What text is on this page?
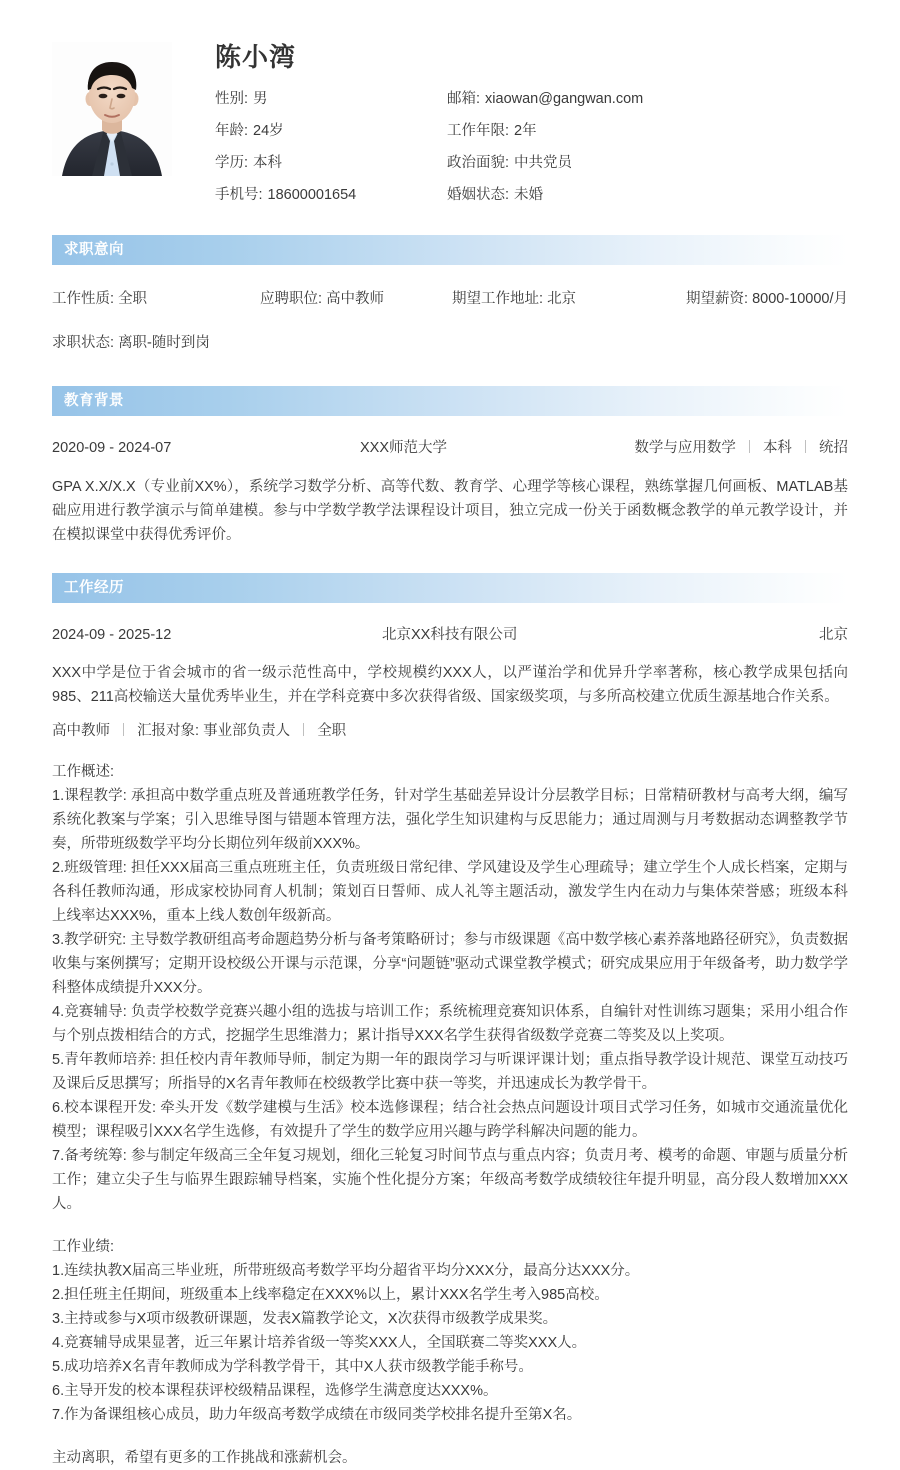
陈小湾
性别: 男	邮箱: xiaowan@gangwan.com
年龄: 24岁	工作年限: 2年
学历: 本科	政治面貌: 中共党员
手机号: 18600001654	婚姻状态: 未婚
求职意向
工作性质: 全职	应聘职位: 高中教师	期望工作地址: 北京	期望薪资: 8000-10000/月
求职状态: 离职-随时到岗
教育背景
2020-09 - 2024-07	XXX师范大学	数学与应用数学 本科 统招
GPA X.X/X.X（专业前XX%），系统学习数学分析、高等代数、教育学、心理学等核心课程，熟练掌握几何画板、MATLAB基础应用进行教学演示与简单建模。参与中学数学教学法课程设计项目，独立完成一份关于函数概念教学的单元教学设计，并在模拟课堂中获得优秀评价。
工作经历
2024-09 - 2025-12	北京XX科技有限公司	北京
XXX中学是位于省会城市的省一级示范性高中，学校规模约XXX人，以严谨治学和优异升学率著称，核心教学成果包括向985、211高校输送大量优秀毕业生，并在学科竞赛中多次获得省级、国家级奖项，与多所高校建立优质生源基地合作关系。
高中教师 汇报对象: 事业部负责人 全职
工作概述:
1.课程教学: 承担高中数学重点班及普通班教学任务，针对学生基础差异设计分层教学目标；日常精研教材与高考大纲，编写系统化教案与学案；引入思维导图与错题本管理方法，强化学生知识建构与反思能力；通过周测与月考数据动态调整教学节奏，所带班级数学平均分长期位列年级前XXX%。
2.班级管理: 担任XXX届高三重点班班主任，负责班级日常纪律、学风建设及学生心理疏导；建立学生个人成长档案，定期与各科任教师沟通，形成家校协同育人机制；策划百日誓师、成人礼等主题活动，激发学生内在动力与集体荣誉感；班级本科上线率达XXX%，重本上线人数创年级新高。
3.教学研究: 主导数学教研组高考命题趋势分析与备考策略研讨；参与市级课题《高中数学核心素养落地路径研究》，负责数据收集与案例撰写；定期开设校级公开课与示范课，分享“问题链”驱动式课堂教学模式；研究成果应用于年级备考，助力数学学科整体成绩提升XXX分。
4.竞赛辅导: 负责学校数学竞赛兴趣小组的选拔与培训工作；系统梳理竞赛知识体系，自编针对性训练习题集；采用小组合作与个别点拨相结合的方式，挖掘学生思维潜力；累计指导XXX名学生获得省级数学竞赛二等奖及以上奖项。
5.青年教师培养: 担任校内青年教师导师，制定为期一年的跟岗学习与听课评课计划；重点指导教学设计规范、课堂互动技巧及课后反思撰写；所指导的X名青年教师在校级教学比赛中获一等奖，并迅速成长为教学骨干。
6.校本课程开发: 牵头开发《数学建模与生活》校本选修课程；结合社会热点问题设计项目式学习任务，如城市交通流量优化模型；课程吸引XXX名学生选修，有效提升了学生的数学应用兴趣与跨学科解决问题的能力。
7.备考统筹: 参与制定年级高三全年复习规划，细化三轮复习时间节点与重点内容；负责月考、模考的命题、审题与质量分析工作；建立尖子生与临界生跟踪辅导档案，实施个性化提分方案；年级高考数学成绩较往年提升明显，高分段人数增加XXX人。
工作业绩:
1.连续执教X届高三毕业班，所带班级高考数学平均分超省平均分XXX分，最高分达XXX分。
2.担任班主任期间，班级重本上线率稳定在XXX%以上，累计XXX名学生考入985高校。
3.主持或参与X项市级教研课题，发表X篇教学论文，X次获得市级教学成果奖。
4.竞赛辅导成果显著，近三年累计培养省级一等奖XXX人，全国联赛二等奖XXX人。
5.成功培养X名青年教师成为学科教学骨干，其中X人获市级教学能手称号。
6.主导开发的校本课程获评校级精品课程，选修学生满意度达XXX%。
7.作为备课组核心成员，助力年级高考数学成绩在市级同类学校排名提升至第X名。
主动离职，希望有更多的工作挑战和涨薪机会。
